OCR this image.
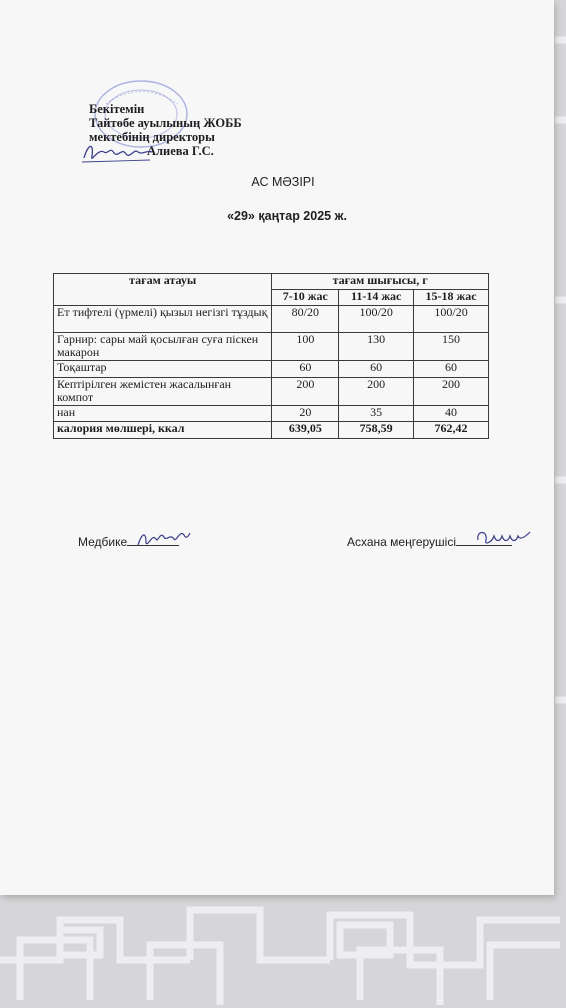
Бекітемін
Тайтөбе ауылының ЖОББ
мектебінің директоры
Алиева Г.С.
АС МӘЗІРІ
«29» қаңтар 2025 ж.
тағам атауы	тағам шығысы, г		
	7-10 жас	11-14 жас	15-18 жас
Ет тифтелі (үрмелі) қызыл негізгі тұздық	80/20	100/20	100/20
Гарнир: сары май қосылған суға піскен макарон	100	130	150
Тоқаштар	60	60	60
Кептірілген жемістен жасалынған компот	200	200	200
нан	20	35	40
калория мөлшері, ккал	639,05	758,59	762,42
Медбике	Асхана меңгерушісі
